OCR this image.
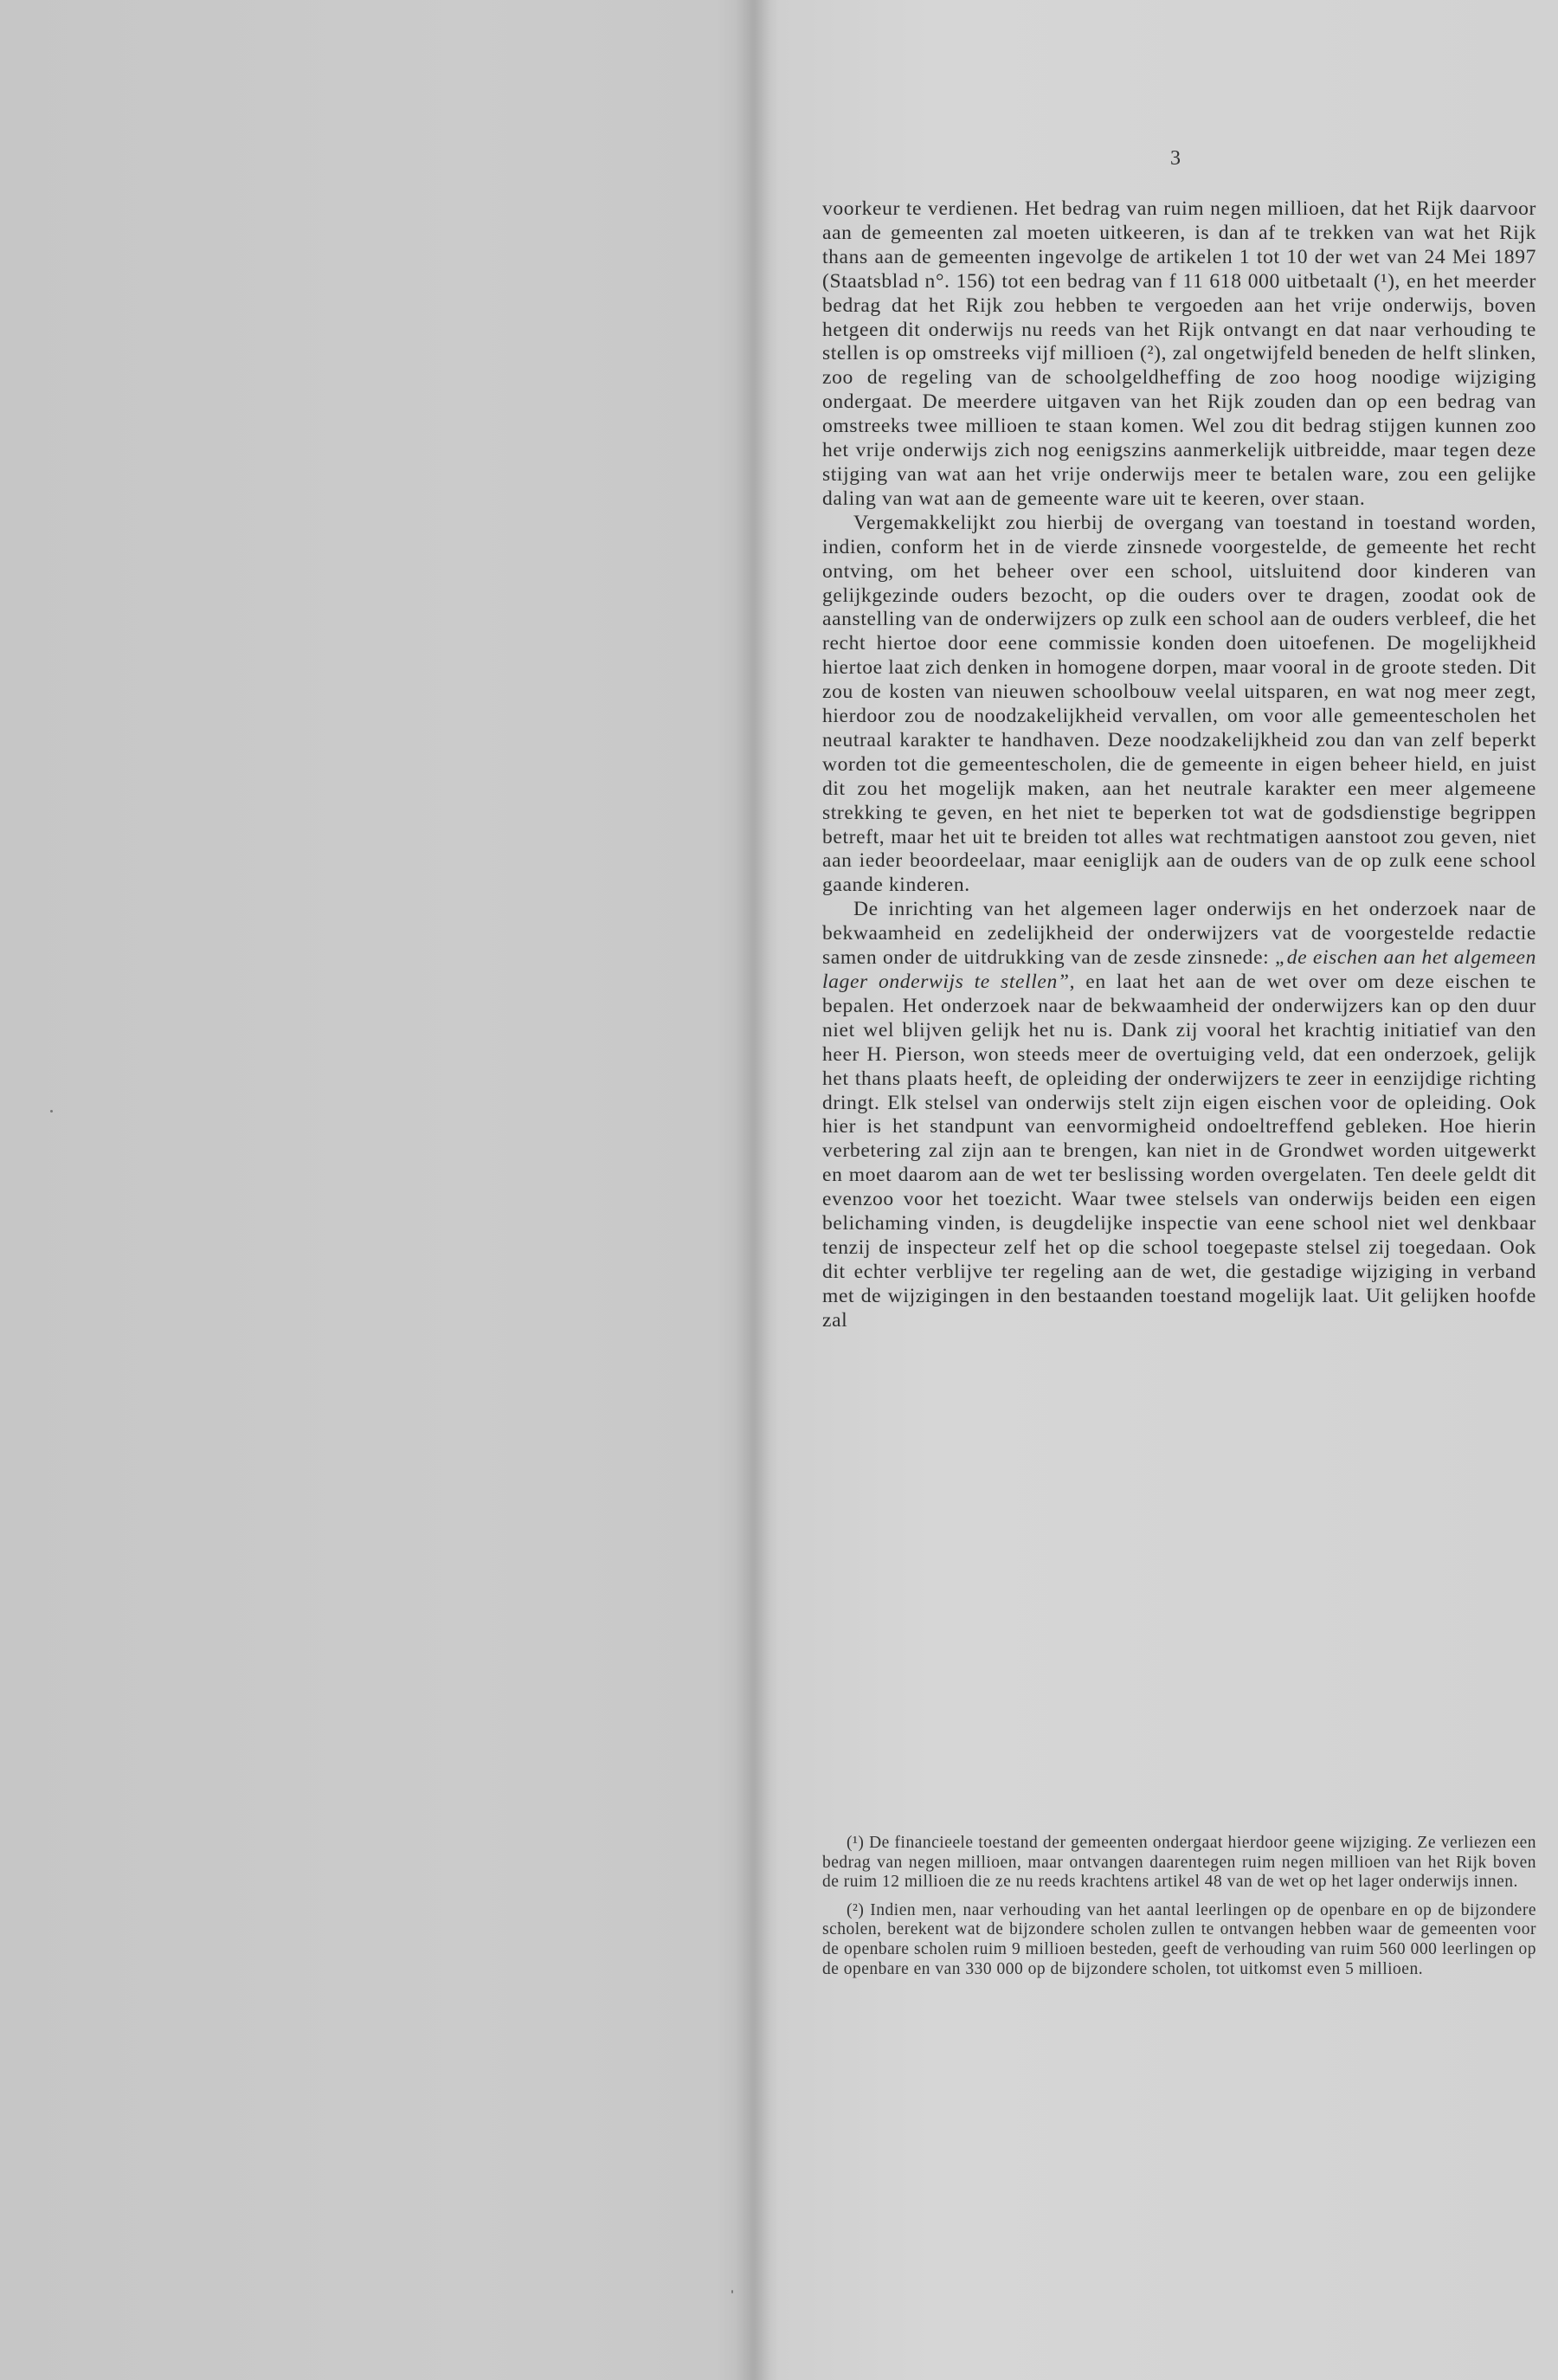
3

voorkeur te verdienen. Het bedrag van ruim negen millioen, dat het Rijk daarvoor aan de gemeenten zal moeten uitkeeren, is dan af te trekken van wat het Rijk thans aan de gemeenten ingevolge de artikelen 1 tot 10 der wet van 24 Mei 1897 (Staatsblad n°. 156) tot een bedrag van f 11 618 000 uitbetaalt (¹), en het meerder bedrag dat het Rijk zou hebben te vergoeden aan het vrije onderwijs, boven hetgeen dit onderwijs nu reeds van het Rijk ontvangt en dat naar verhouding te stellen is op omstreeks vijf millioen (²), zal ongetwijfeld beneden de helft slinken, zoo de regeling van de schoolgeldheffing de zoo hoog noodige wijziging ondergaat. De meerdere uitgaven van het Rijk zouden dan op een bedrag van omstreeks twee millioen te staan komen. Wel zou dit bedrag stijgen kunnen zoo het vrije onderwijs zich nog eenigszins aanmerkelijk uitbreidde, maar tegen deze stijging van wat aan het vrije onderwijs meer te betalen ware, zou een gelijke daling van wat aan de gemeente ware uit te keeren, over staan.

Vergemakkelijkt zou hierbij de overgang van toestand in toestand worden, indien, conform het in de vierde zinsnede voorgestelde, de gemeente het recht ontving, om het beheer over een school, uitsluitend door kinderen van gelijkgezinde ouders bezocht, op die ouders over te dragen, zoodat ook de aanstelling van de onderwijzers op zulk een school aan de ouders verbleef, die het recht hiertoe door eene commissie konden doen uitoefenen. De mogelijkheid hiertoe laat zich denken in homogene dorpen, maar vooral in de groote steden. Dit zou de kosten van nieuwen schoolbouw veelal uitsparen, en wat nog meer zegt, hierdoor zou de noodzakelijkheid vervallen, om voor alle gemeentescholen het neutraal karakter te handhaven. Deze noodzakelijkheid zou dan van zelf beperkt worden tot die gemeentescholen, die de gemeente in eigen beheer hield, en juist dit zou het mogelijk maken, aan het neutrale karakter een meer algemeene strekking te geven, en het niet te beperken tot wat de godsdienstige begrippen betreft, maar het uit te breiden tot alles wat rechtmatigen aanstoot zou geven, niet aan ieder beoordeelaar, maar eeniglijk aan de ouders van de op zulk eene school gaande kinderen.

De inrichting van het algemeen lager onderwijs en het onderzoek naar de bekwaamheid en zedelijkheid der onderwijzers vat de voorgestelde redactie samen onder de uitdrukking van de zesde zinsnede: „de eischen aan het algemeen lager onderwijs te stellen”, en laat het aan de wet over om deze eischen te bepalen. Het onderzoek naar de bekwaamheid der onderwijzers kan op den duur niet wel blijven gelijk het nu is. Dank zij vooral het krachtig initiatief van den heer H. Pierson, won steeds meer de overtuiging veld, dat een onderzoek, gelijk het thans plaats heeft, de opleiding der onderwijzers te zeer in eenzijdige richting dringt. Elk stelsel van onderwijs stelt zijn eigen eischen voor de opleiding. Ook hier is het standpunt van eenvormigheid ondoeltreffend gebleken. Hoe hierin verbetering zal zijn aan te brengen, kan niet in de Grondwet worden uitgewerkt en moet daarom aan de wet ter beslissing worden overgelaten. Ten deele geldt dit evenzoo voor het toezicht. Waar twee stelsels van onderwijs beiden een eigen belichaming vinden, is deugdelijke inspectie van eene school niet wel denkbaar tenzij de inspecteur zelf het op die school toegepaste stelsel zij toegedaan. Ook dit echter verblijve ter regeling aan de wet, die gestadige wijziging in verband met de wijzigingen in den bestaanden toestand mogelijk laat. Uit gelijken hoofde zal

(¹) De financieele toestand der gemeenten ondergaat hierdoor geene wijziging. Ze verliezen een bedrag van negen millioen, maar ontvangen daarentegen ruim negen millioen van het Rijk boven de ruim 12 millioen die ze nu reeds krachtens artikel 48 van de wet op het lager onderwijs innen.

(²) Indien men, naar verhouding van het aantal leerlingen op de openbare en op de bijzondere scholen, berekent wat de bijzondere scholen zullen te ontvangen hebben waar de gemeenten voor de openbare scholen ruim 9 millioen besteden, geeft de verhouding van ruim 560 000 leerlingen op de openbare en van 330 000 op de bijzondere scholen, tot uitkomst even 5 millioen.
